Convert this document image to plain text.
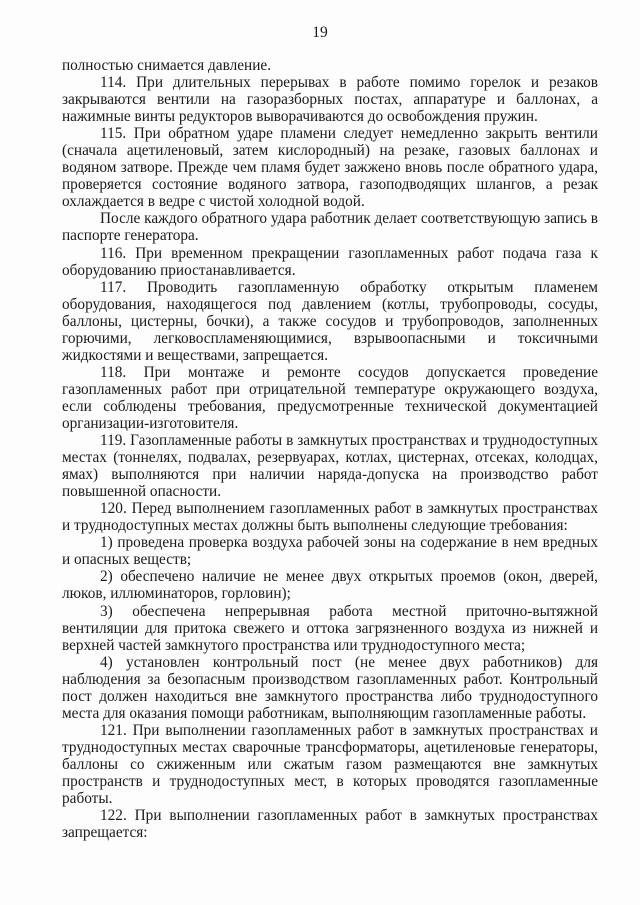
19

полностью снимается давление.

114. При длительных перерывах в работе помимо горелок и резаков закрываются вентили на газоразборных постах, аппаратуре и баллонах, а нажимные винты редукторов выворачиваются до освобождения пружин.

115. При обратном ударе пламени следует немедленно закрыть вентили (сначала ацетиленовый, затем кислородный) на резаке, газовых баллонах и водяном затворе. Прежде чем пламя будет зажжено вновь после обратного удара, проверяется состояние водяного затвора, газоподводящих шлангов, а резак охлаждается в ведре с чистой холодной водой.

После каждого обратного удара работник делает соответствующую запись в паспорте генератора.

116. При временном прекращении газопламенных работ подача газа к оборудованию приостанавливается.

117. Проводить газопламенную обработку открытым пламенем оборудования, находящегося под давлением (котлы, трубопроводы, сосуды, баллоны, цистерны, бочки), а также сосудов и трубопроводов, заполненных горючими, легковоспламеняющимися, взрывоопасными и токсичными жидкостями и веществами, запрещается.

118. При монтаже и ремонте сосудов допускается проведение газопламенных работ при отрицательной температуре окружающего воздуха, если соблюдены требования, предусмотренные технической документацией организации-изготовителя.

119. Газопламенные работы в замкнутых пространствах и труднодоступных местах (тоннелях, подвалах, резервуарах, котлах, цистернах, отсеках, колодцах, ямах) выполняются при наличии наряда-допуска на производство работ повышенной опасности.

120. Перед выполнением газопламенных работ в замкнутых пространствах и труднодоступных местах должны быть выполнены следующие требования:

1) проведена проверка воздуха рабочей зоны на содержание в нем вредных и опасных веществ;

2) обеспечено наличие не менее двух открытых проемов (окон, дверей, люков, иллюминаторов, горловин);

3) обеспечена непрерывная работа местной приточно-вытяжной вентиляции для притока свежего и оттока загрязненного воздуха из нижней и верхней частей замкнутого пространства или труднодоступного места;

4) установлен контрольный пост (не менее двух работников) для наблюдения за безопасным производством газопламенных работ. Контрольный пост должен находиться вне замкнутого пространства либо труднодоступного места для оказания помощи работникам, выполняющим газопламенные работы.

121. При выполнении газопламенных работ в замкнутых пространствах и труднодоступных местах сварочные трансформаторы, ацетиленовые генераторы, баллоны со сжиженным или сжатым газом размещаются вне замкнутых пространств и труднодоступных мест, в которых проводятся газопламенные работы.

122. При выполнении газопламенных работ в замкнутых пространствах запрещается:
